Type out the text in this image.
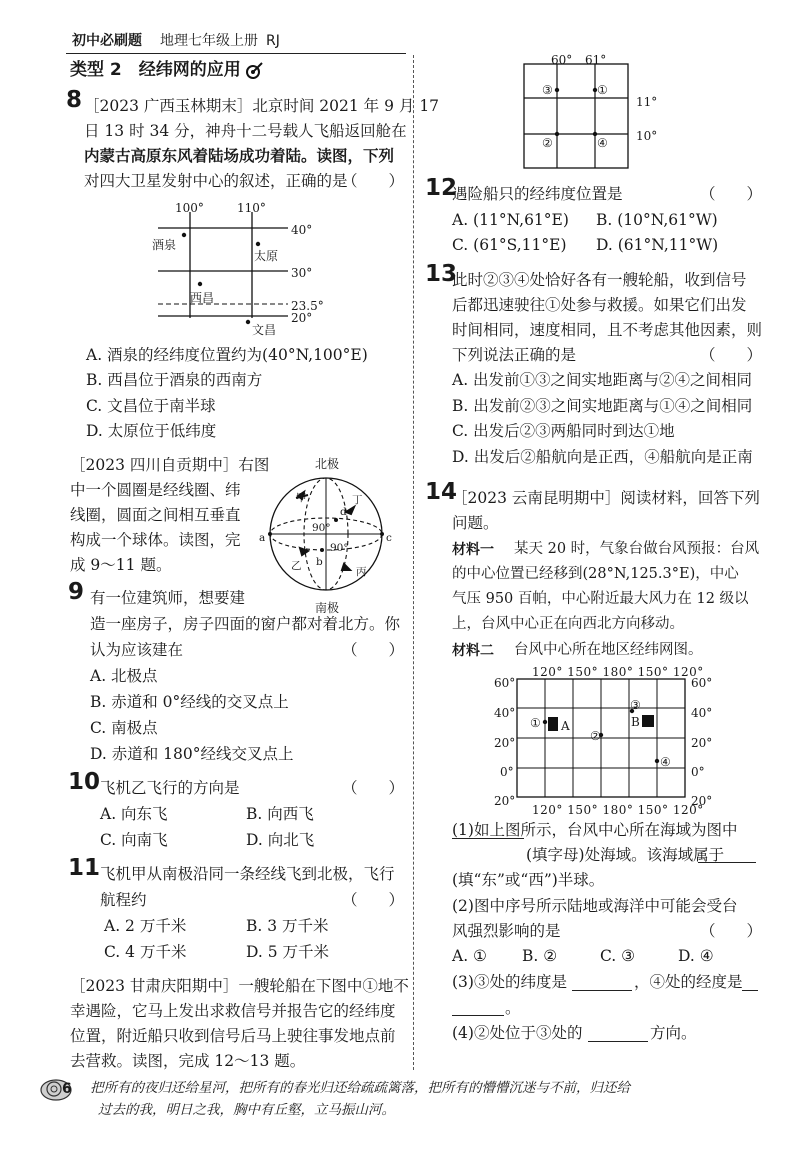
初中必刷题 地理七年级上册 RJ
类型 2　经纬网的应用
8 ［2023 广西玉林期末］北京时间 2021 年 9 月 17
日 13 时 34 分，神舟十二号载人飞船返回舱在
内蒙古高原东风着陆场成功着陆。读图，下列
对四大卫星发射中心的叙述，正确的是
（　　）
100°	110°
40°
30°
23.5°
20°
酒泉
太原
西昌
文昌
A. 酒泉的经纬度位置约为(40°N,100°E)
B. 西昌位于酒泉的西南方
C. 文昌位于南半球
D. 太原位于低纬度
［2023 四川自贡期中］右图
中一个圆圈是经线圈、纬
线圈，圆面之间相互垂直
构成一个球体。读图，完
成 9～11 题。
北极
南极
a
b
c
d
甲
乙	丙
丁
90°
90°
9 有一位建筑师，想要建
造一座房子，房子四面的窗户都对着北方。你
认为应该建在	（　　）
A. 北极点
B. 赤道和 0°经线的交叉点上
C. 南极点
D. 赤道和 180°经线交叉点上
10 飞机乙飞行的方向是	（　　）
A. 向东飞	B. 向西飞
C. 向南飞	D. 向北飞
11 飞机甲从南极沿同一条经线飞到北极，飞行
航程约	（　　）
A. 2 万千米	B. 3 万千米
C. 4 万千米	D. 5 万千米
［2023 甘肃庆阳期中］一艘轮船在下图中①地不
幸遇险，它马上发出求救信号并报告它的经纬度
位置，附近船只收到信号后马上驶往事发地点前
去营救。读图，完成 12～13 题。
60° 61°
11°
10°
③	①
②	④
12
遇险船只的经纬度位置是	（　　）
A. (11°N,61°E) B. (10°N,61°W)
C. (61°S,11°E) D. (61°N,11°W)
13
此时②③④处恰好各有一艘轮船，收到信号
后都迅速驶往①处参与救援。如果它们出发
时间相同，速度相同，且不考虑其他因素，则
下列说法正确的是	（　　）
A. 出发前①③之间实地距离与②④之间相同
B. 出发前②③之间实地距离与①④之间相同
C. 出发后②③两船同时到达①地
D. 出发后②船航向是正西，④船航向是正南
14
［2023 云南昆明期中］阅读材料，回答下列
问题。
材料一 某天 20 时，气象台做台风预报：台风
的中心位置已经移到(28°N,125.3°E)，中心
气压 950 百帕，中心附近最大风力在 12 级以
上，台风中心正在向西北方向移动。
材料二 台风中心所在地区经纬网图。
120° 150° 180° 150° 120°
120° 150° 180° 150° 120°
60°
40°
20°
0°
20°
60°
40°
20°
0°
20°
① A
②
③
B
④
(1)如上图所示，台风中心所在海域为图中
(填字母)处海域。该海域属于
(填“东”或“西”)半球。
(2)图中序号所示陆地或海洋中可能会受台
风强烈影响的是	（　　）
A. ① B. ②	C. ③	D. ④
(3)③处的纬度是	，④处的经度是
。
(4)②处位于③处的	方向。
6 把所有的夜归还给星河，把所有的春光归还给疏疏篱落，把所有的懵懵沉迷与不前，归还给
过去的我，明日之我，胸中有丘壑，立马振山河。
